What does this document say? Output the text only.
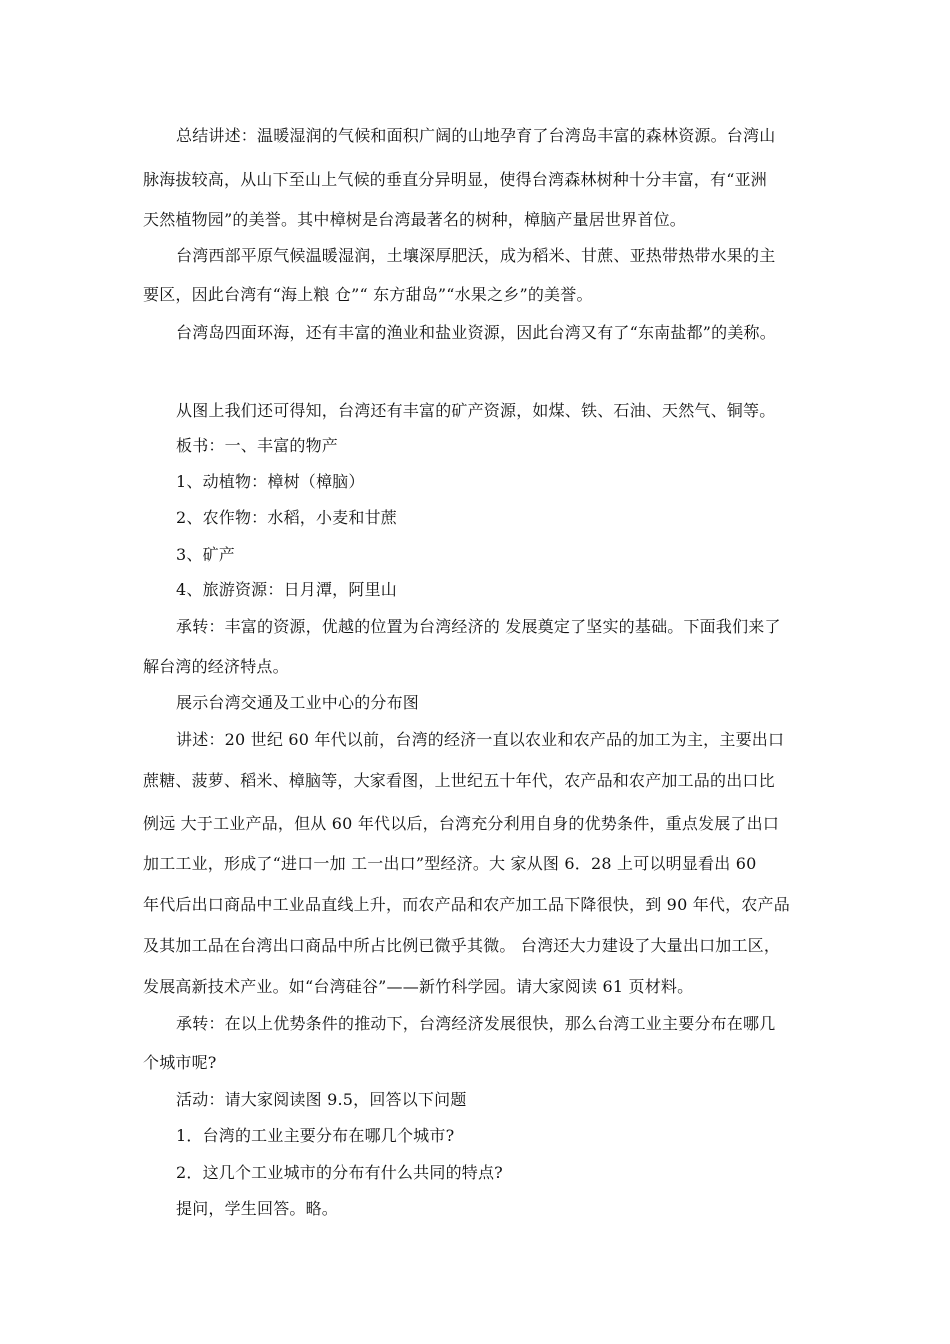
总结讲述：温暖湿润的气候和面积广阔的山地孕育了台湾岛丰富的森林资源。台湾山
脉海拔较高，从山下至山上气候的垂直分异明显，使得台湾森林树种十分丰富，有“亚洲
天然植物园”的美誉。其中樟树是台湾最著名的树种，樟脑产量居世界首位。
台湾西部平原气候温暖湿润，土壤深厚肥沃，成为稻米、甘蔗、亚热带热带水果的主
要区，因此台湾有“海上粮 仓”“ 东方甜岛”“水果之乡”的美誉。
台湾岛四面环海，还有丰富的渔业和盐业资源，因此台湾又有了“东南盐都”的美称。
从图上我们还可得知，台湾还有丰富的矿产资源，如煤、铁、石油、天然气、铜等。
板书：一、丰富的物产
1、动植物：樟树（樟脑）
2、农作物：水稻，小麦和甘蔗
3、矿产
4、旅游资源：日月潭，阿里山
承转：丰富的资源，优越的位置为台湾经济的 发展奠定了坚实的基础。下面我们来了
解台湾的经济特点。
展示台湾交通及工业中心的分布图
讲述：20 世纪 60 年代以前，台湾的经济一直以农业和农产品的加工为主，主要出口
蔗糖、菠萝、稻米、樟脑等，大家看图，上世纪五十年代，农产品和农产加工品的出口比
例远 大于工业产品，但从 60 年代以后，台湾充分利用自身的优势条件，重点发展了出口
加工工业，形成了“进口一加 工一出口”型经济。大 家从图 6．28 上可以明显看出 60
年代后出口商品中工业品直线上升，而农产品和农产加工品下降很快，到 90 年代，农产品
及其加工品在台湾出口商品中所占比例已微乎其微。 台湾还大力建设了大量出口加工区，
发展高新技术产业。如“台湾硅谷”——新竹科学园。请大家阅读 61 页材料。
承转：在以上优势条件的推动下，台湾经济发展很快，那么台湾工业主要分布在哪几
个城市呢?
活动：请大家阅读图 9.5，回答以下问题
1．台湾的工业主要分布在哪几个城市?
2．这几个工业城市的分布有什么共同的特点?
提问，学生回答。略。
